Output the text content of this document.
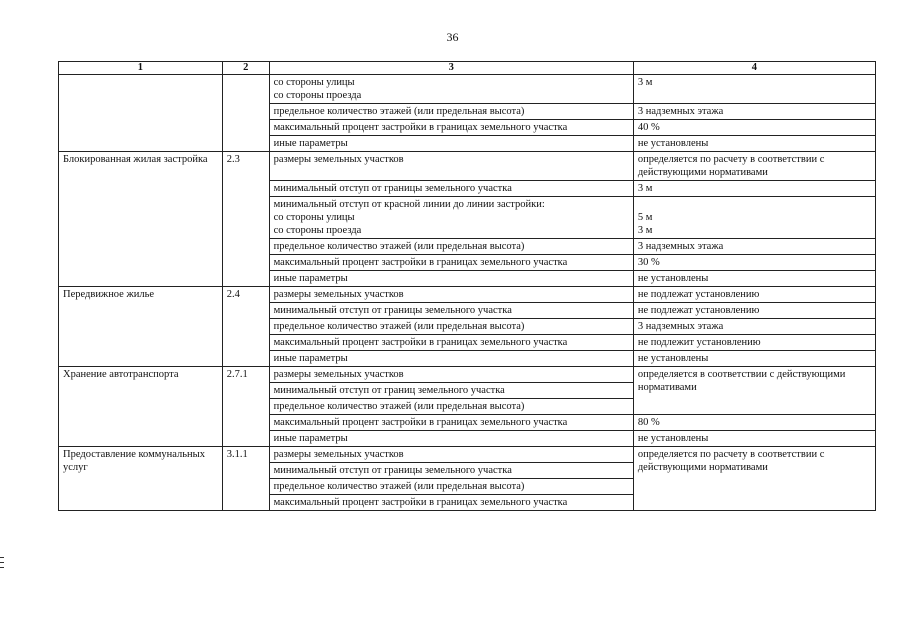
36
1	2	3	4

		со стороны улицы
со стороны проезда	3 м

		предельное количество этажей (или предельная высота)	3 надземных этажа

		максимальный процент застройки в границах земельного участка	40 %

		иные параметры	не установлены
Блокированная жилая застройка	2.3	размеры земельных участков	определяется по расчету в соответствии с действующими нормативами

		минимальный отступ от границы земельного участка	3 м

		минимальный отступ от красной линии до линии застройки:
со стороны улицы
со стороны проезда	5 м
3 м

		предельное количество этажей (или предельная высота)	3 надземных этажа

		максимальный процент застройки в границах земельного участка	30 %

		иные параметры	не установлены
Передвижное жилье	2.4	размеры земельных участков	не подлежат установлению

		минимальный отступ от границы земельного участка	не подлежат установлению

		предельное количество этажей (или предельная высота)	3 надземных этажа

		максимальный процент застройки в границах земельного участка	не подлежит установлению

		иные параметры	не установлены
Хранение автотранспорта	2.7.1	размеры земельных участков	определяется в соответствии с действующими нормативами

		минимальный отступ от границ земельного участка	

		предельное количество этажей (или предельная высота)	

		максимальный процент застройки в границах земельного участка	80 %

		иные параметры	не установлены
Предоставление коммунальных услуг	3.1.1	размеры земельных участков	определяется по расчету в соответствии с действующими нормативами

		минимальный отступ от границы земельного участка	

		предельное количество этажей (или предельная высота)	

		максимальный процент застройки в границах земельного участка	
